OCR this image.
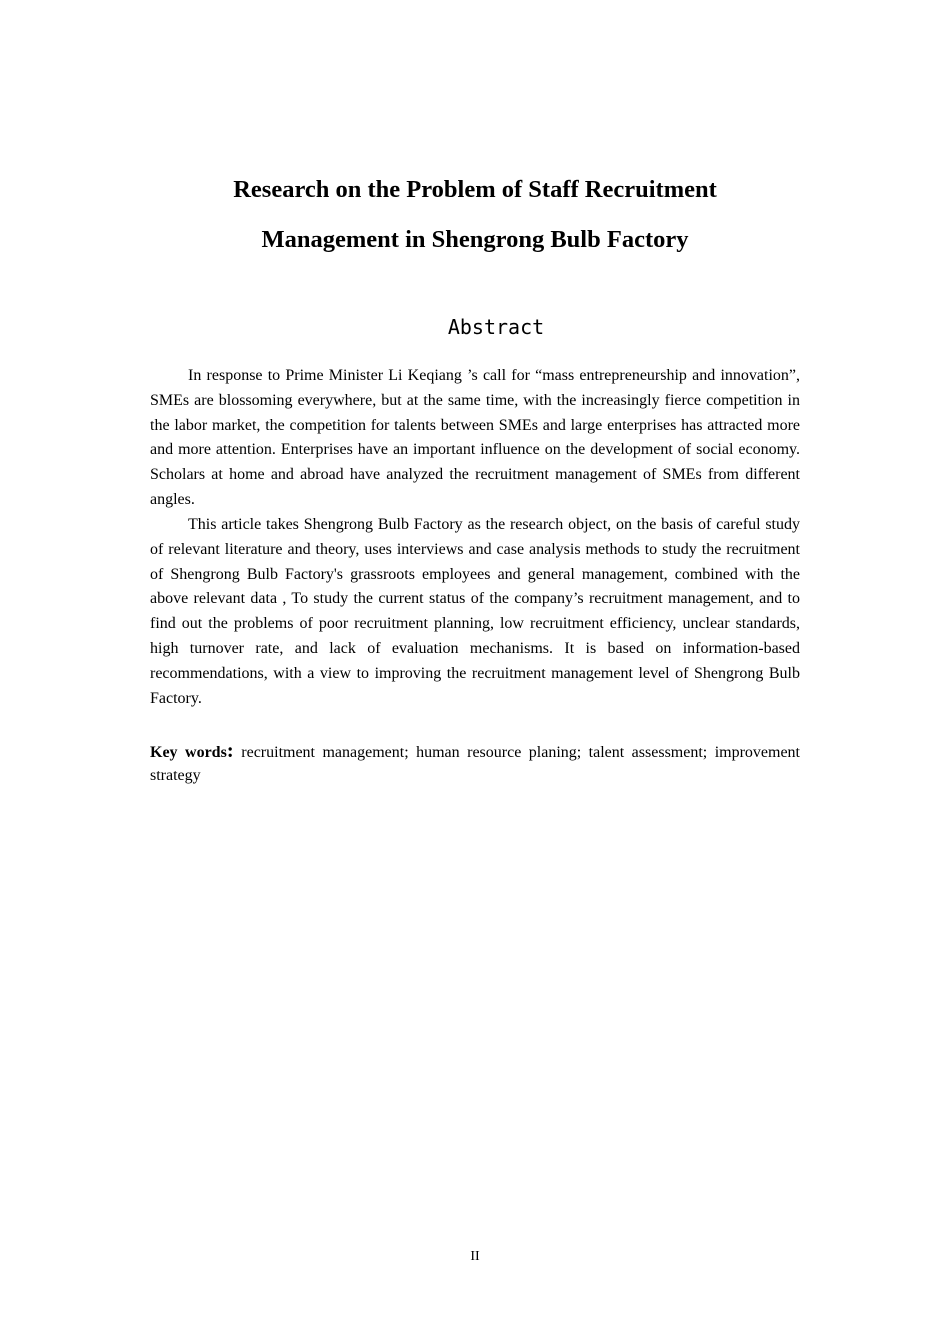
Research on the Problem of Staff Recruitment
Management in Shengrong Bulb Factory
Abstract

In response to Prime Minister Li Keqiang ’s call for “mass entrepreneurship and innovation”, SMEs are blossoming everywhere, but at the same time, with the increasingly fierce competition in the labor market, the competition for talents between SMEs and large enterprises has attracted more and more attention. Enterprises have an important influence on the development of social economy. Scholars at home and abroad have analyzed the recruitment management of SMEs from different angles.

This article takes Shengrong Bulb Factory as the research object, on the basis of careful study of relevant literature and theory, uses interviews and case analysis methods to study the recruitment of Shengrong Bulb Factory's grassroots employees and general management, combined with the above relevant data , To study the current status of the company’s recruitment management, and to find out the problems of poor recruitment planning, low recruitment efficiency, unclear standards, high turnover rate, and lack of evaluation mechanisms. It is based on information-based recommendations, with a view to improving the recruitment management level of Shengrong Bulb Factory.

Key words: recruitment management; human resource planing; talent assessment; improvement strategy

II
